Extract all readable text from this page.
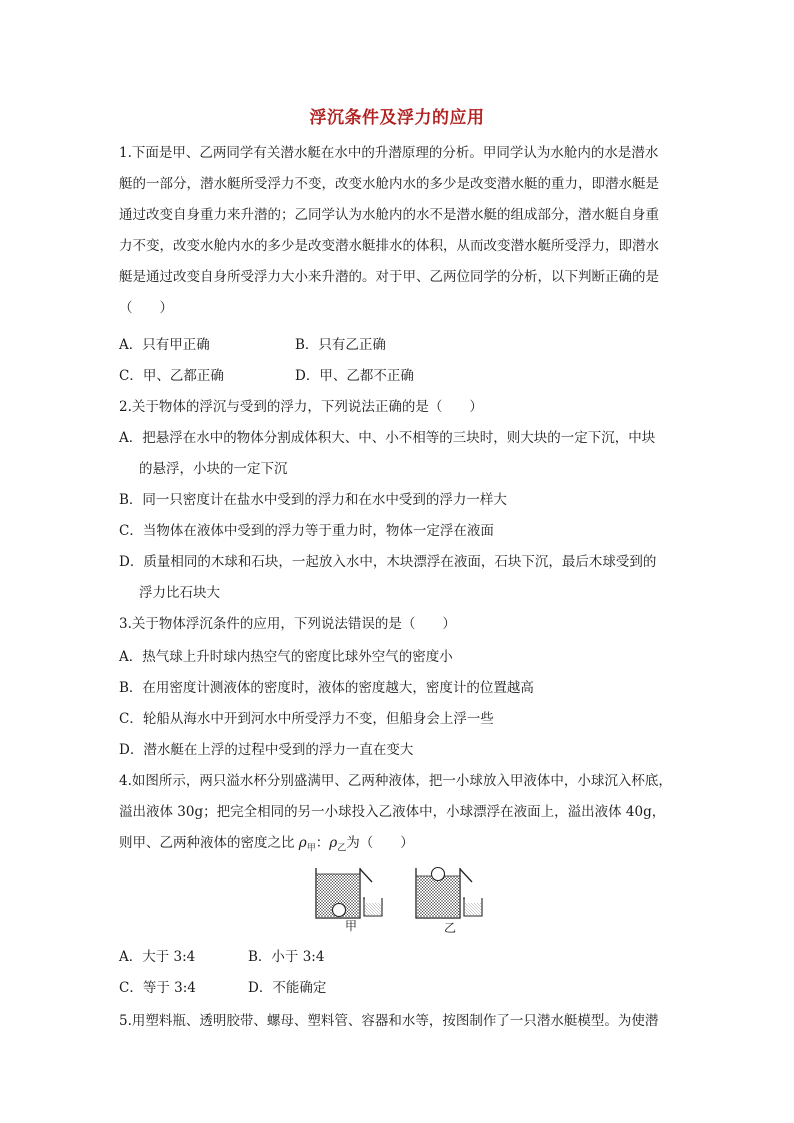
浮沉条件及浮力的应用
1.下面是甲、乙两同学有关潜水艇在水中的升潜原理的分析。甲同学认为水舱内的水是潜水
艇的一部分，潜水艇所受浮力不变，改变水舱内水的多少是改变潜水艇的重力，即潜水艇是
通过改变自身重力来升潜的；乙同学认为水舱内的水不是潜水艇的组成部分，潜水艇自身重
力不变，改变水舱内水的多少是改变潜水艇排水的体积，从而改变潜水艇所受浮力，即潜水
艇是通过改变自身所受浮力大小来升潜的。对于甲、乙两位同学的分析，以下判断正确的是
（　　）
A．只有甲正确	B．只有乙正确
C．甲、乙都正确	D．甲、乙都不正确
2.关于物体的浮沉与受到的浮力，下列说法正确的是（　　）
A．把悬浮在水中的物体分割成体积大、中、小不相等的三块时，则大块的一定下沉，中块
的悬浮，小块的一定下沉
B．同一只密度计在盐水中受到的浮力和在水中受到的浮力一样大
C．当物体在液体中受到的浮力等于重力时，物体一定浮在液面
D．质量相同的木球和石块，一起放入水中，木块漂浮在液面，石块下沉，最后木球受到的
浮力比石块大
3.关于物体浮沉条件的应用，下列说法错误的是（　　）
A．热气球上升时球内热空气的密度比球外空气的密度小
B．在用密度计测液体的密度时，液体的密度越大，密度计的位置越高
C．轮船从海水中开到河水中所受浮力不变，但船身会上浮一些
D．潜水艇在上浮的过程中受到的浮力一直在变大
4.如图所示，两只溢水杯分别盛满甲、乙两种液体，把一小球放入甲液体中，小球沉入杯底，
溢出液体 30g；把完全相同的另一小球投入乙液体中，小球漂浮在液面上，溢出液体 40g，
则甲、乙两种液体的密度之比 $\rho_甲$：$\rho_乙$为（　　）
甲	乙
A．大于 3:4	B．小于 3:4
C．等于 3:4	D．不能确定
5.用塑料瓶、透明胶带、螺母、塑料管、容器和水等，按图制作了一只潜水艇模型。为使潜
